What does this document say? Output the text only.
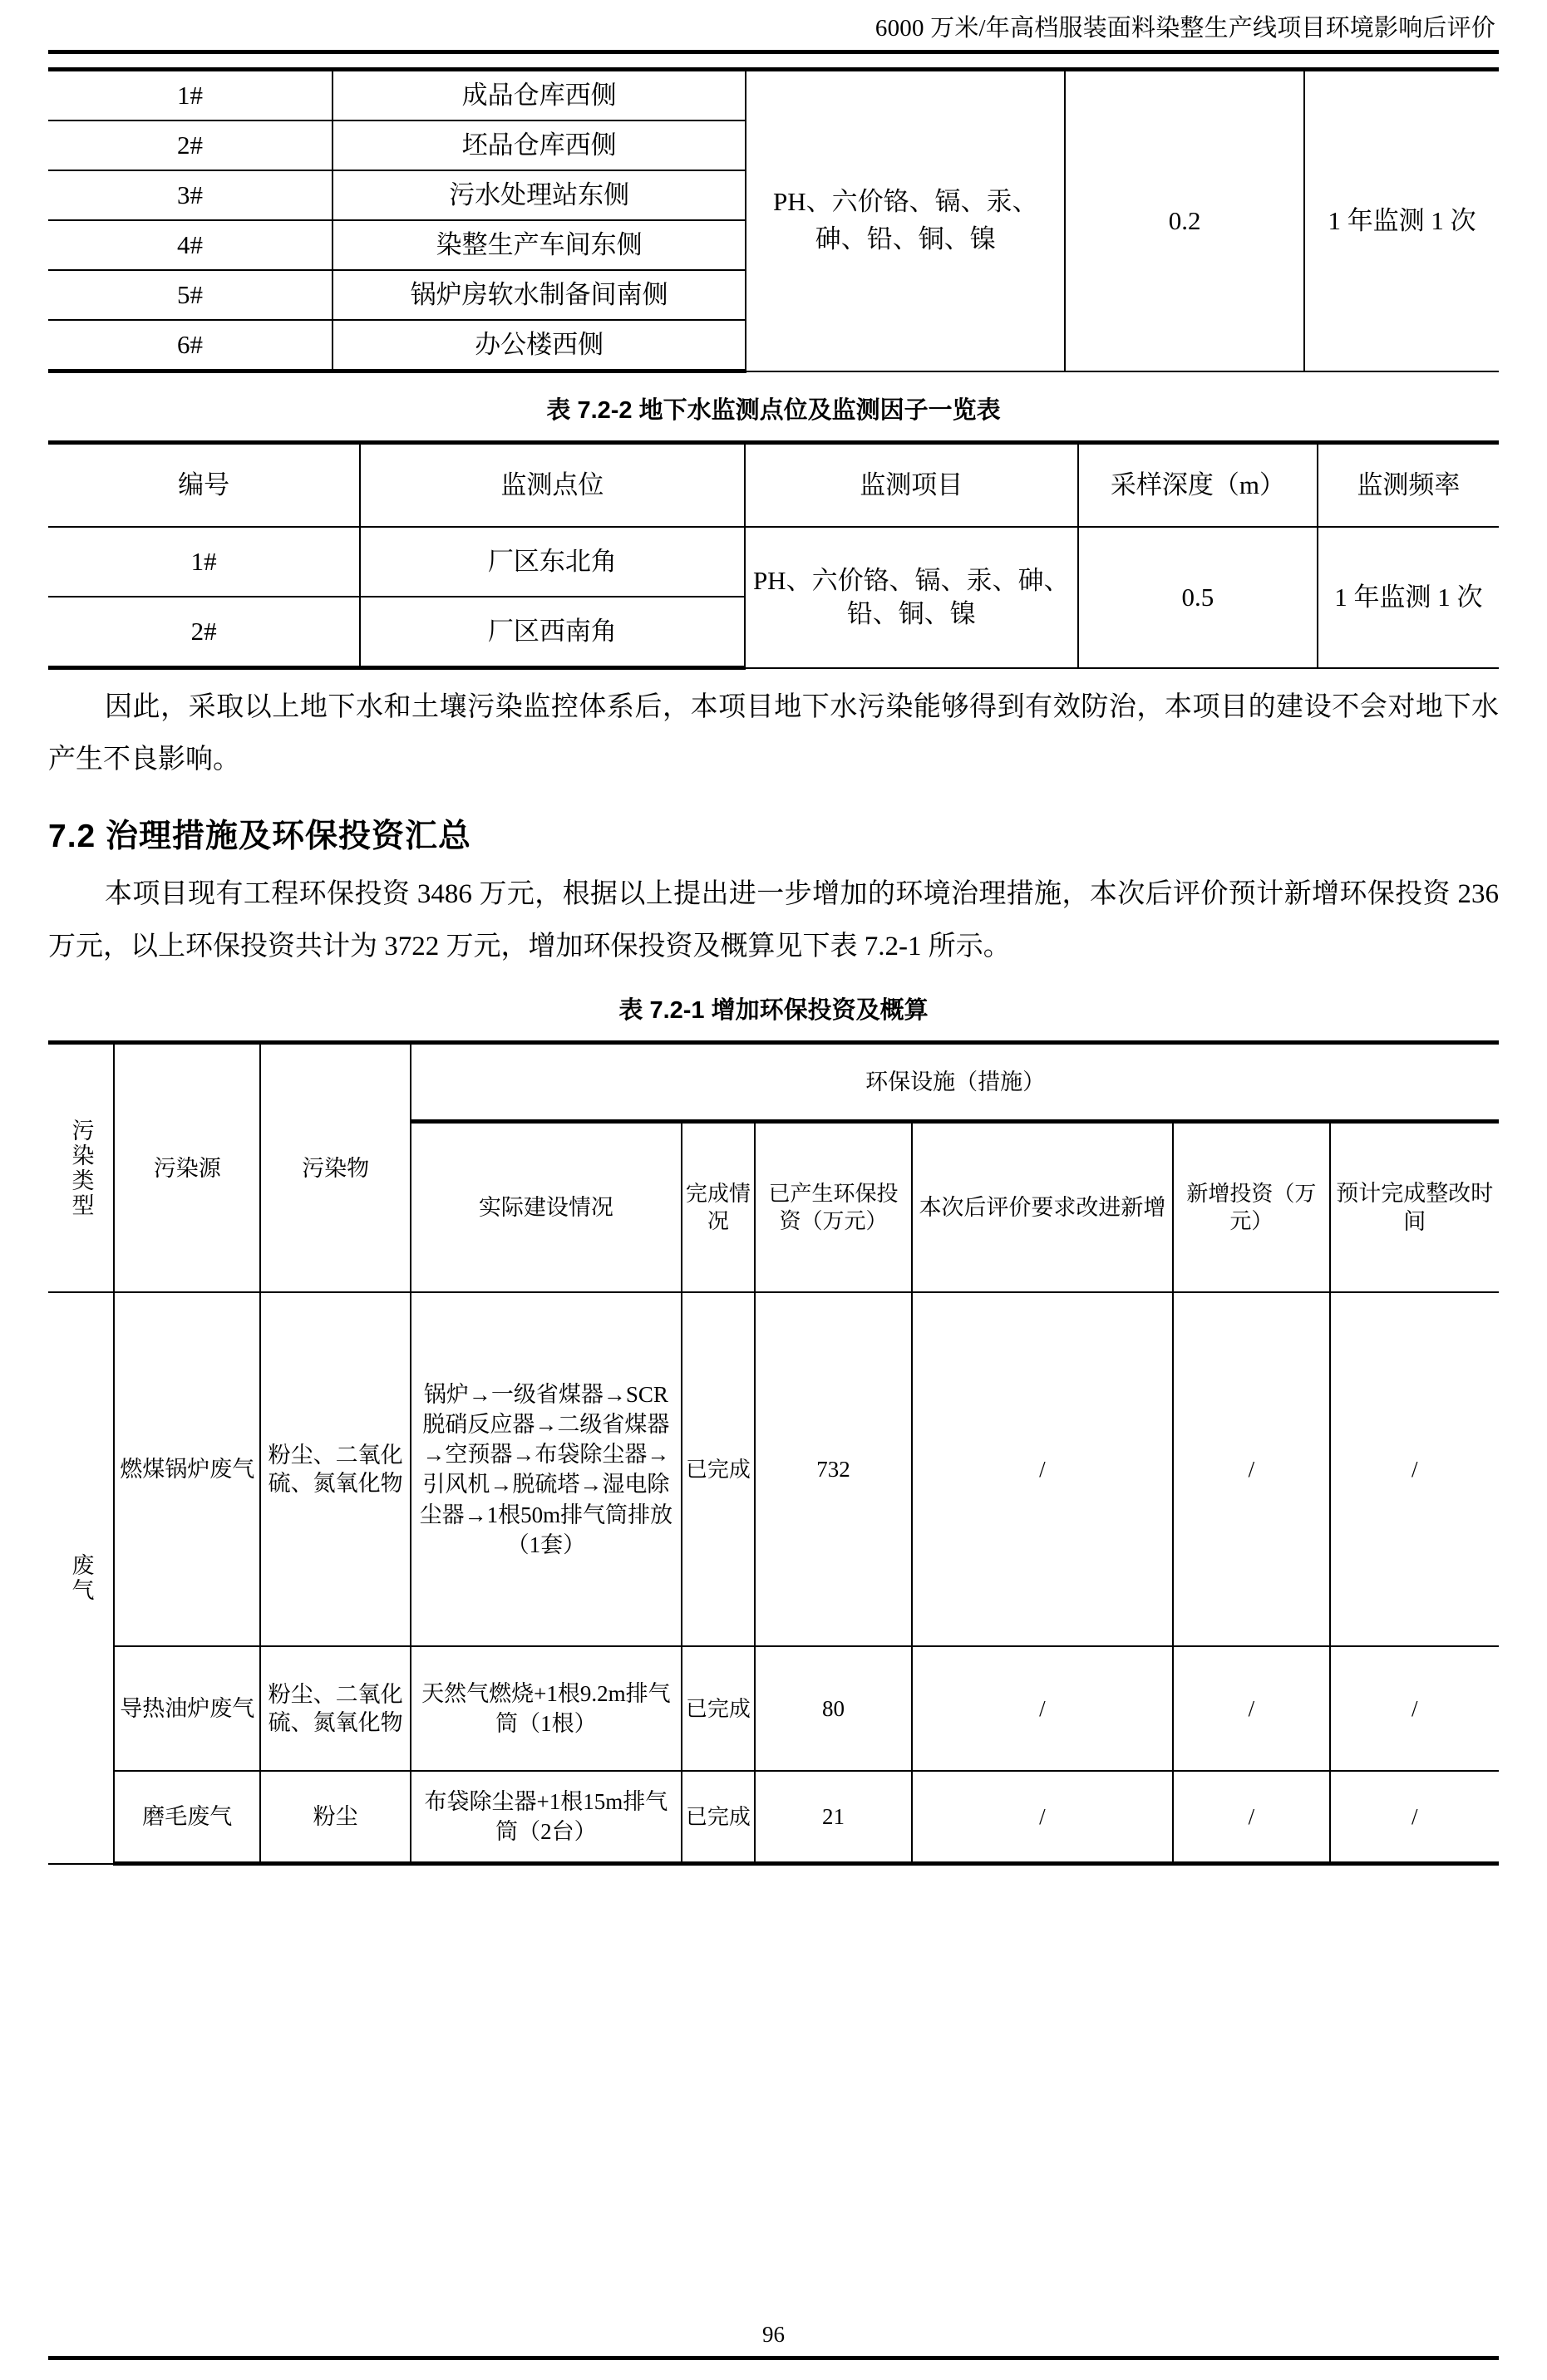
6000 万米/年高档服装面料染整生产线项目环境影响后评价
1#	成品仓库西侧	PH、六价铬、镉、汞、砷、铅、铜、镍	0.2	1 年监测 1 次
2#	坯品仓库西侧			
3#	污水处理站东侧			
4#	染整生产车间东侧			
5#	锅炉房软水制备间南侧			
6#	办公楼西侧			
表 7.2-2 地下水监测点位及监测因子一览表
编号	监测点位	监测项目	采样深度（m）	监测频率
1#	厂区东北角	PH、六价铬、镉、汞、砷、铅、铜、镍	0.5	1 年监测 1 次
2#	厂区西南角			

因此，采取以上地下水和土壤污染监控体系后，本项目地下水污染能够得到有效防治，本项目的建设不会对地下水产生不良影响。

7.2 治理措施及环保投资汇总

本项目现有工程环保投资 3486 万元，根据以上提出进一步增加的环境治理措施，本次后评价预计新增环保投资 236 万元，以上环保投资共计为 3722 万元，增加环保投资及概算见下表 7.2-1 所示。

表 7.2-1 增加环保投资及概算
污染类型	污染源	污染物	环保设施（措施）					
			实际建设情况	完成情况	已产生环保投资（万元）	本次后评价要求改进新增	新增投资（万元）	预计完成整改时间
废气	燃煤锅炉废气	粉尘、二氧化硫、氮氧化物	锅炉→一级省煤器→SCR脱硝反应器→二级省煤器→空预器→布袋除尘器→引风机→脱硫塔→湿电除尘器→1根50m排气筒排放（1套）	已完成	732	/	/	/
	导热油炉废气	粉尘、二氧化硫、氮氧化物	天然气燃烧+1根9.2m排气筒（1根）	已完成	80	/	/	/
	磨毛废气	粉尘	布袋除尘器+1根15m排气筒（2台）	已完成	21	/	/	/
96
